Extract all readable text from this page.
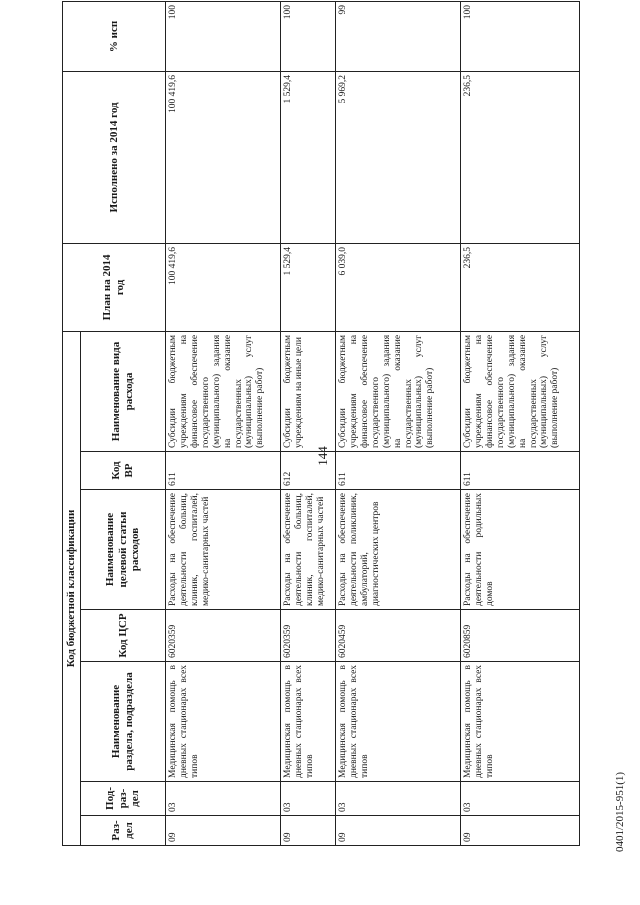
144
Код бюджетной классификации							План на 2014 год	Исполнено за 2014 год	% исп
Раз-дел	Под-раз-дел	Наименование раздела, подраздела	Код ЦСР	Наименование целевой статьи расходов	Код ВР	Наименование вида расхода			
09	03	Медицинская помощь в дневных стационарах всех типов	6020359	Расходы на обеспечение деятельности больниц, клиник, госпиталей, медико-санитарных частей	611	Субсидии бюджетным учреждениям на финансовое обеспечение государственного (муниципального) задания на оказание государственных (муниципальных) услуг (выполнение работ)	100 419,6	100 419,6	100
09	03	Медицинская помощь в дневных стационарах всех типов	6020359	Расходы на обеспечение деятельности больниц, клиник, госпиталей, медико-санитарных частей	612	Субсидии бюджетным учреждениям на иные цели	1 529,4	1 529,4	100
09	03	Медицинская помощь в дневных стационарах всех типов	6020459	Расходы на обеспечение деятельности поликлиник, амбулаторий, диагностических центров	611	Субсидии бюджетным учреждениям на финансовое обеспечение государственного (муниципального) задания на оказание государственных (муниципальных) услуг (выполнение работ)	6 039,0	5 969,2	99
09	03	Медицинская помощь в дневных стационарах всех типов	6020859	Расходы на обеспечение деятельности родильных домов	611	Субсидии бюджетным учреждениям на финансовое обеспечение государственного (муниципального) задания на оказание государственных (муниципальных) услуг (выполнение работ)	236,5	236,5	100
0401/2015-951(1)
